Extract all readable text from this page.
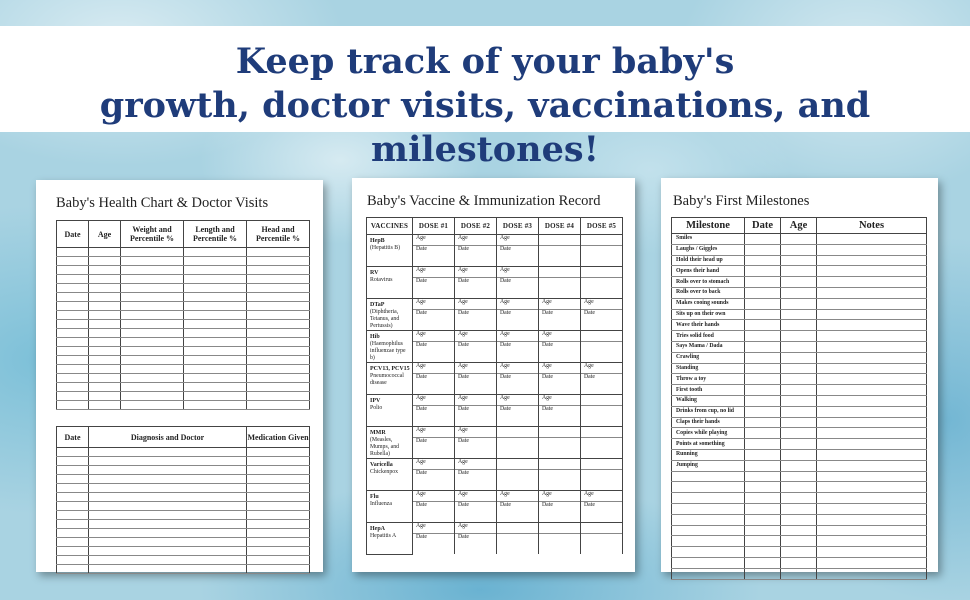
Keep track of your baby's
growth, doctor visits, vaccinations, and milestones!
Baby's Health Chart & Doctor Visits
Date	Age	Weight and Percentile %	Length and Percentile %	Head and Percentile %

Date	Diagnosis and Doctor	Medication Given

Baby's Vaccine & Immunization Record
VACCINES	DOSE #1	DOSE #2	DOSE #3	DOSE #4	DOSE #5

HepB
(Hepatitis B)	Age	Age	Age		
	Date	Date	Date		

RV
Rotavirus	Age	Age	Age		
	Date	Date	Date		

DTaP
(Diphtheria, Tetanus, and Pertussis)	Age	Age	Age	Age	Age
	Date	Date	Date	Date	Date

Hib
(Haemophilus influenzae type b)	Age	Age	Age	Age	
	Date	Date	Date	Date	

PCV13, PCV15
Pneumococcal disease	Age	Age	Age	Age	Age
	Date	Date	Date	Date	Date

IPV
Polio	Age	Age	Age	Age	
	Date	Date	Date	Date	

MMR
(Measles, Mumps, and Rubella)	Age	Age			
	Date	Date			

Varicella
Chickenpox	Age	Age			
	Date	Date			

Flu
Influenza	Age	Age	Age	Age	Age
	Date	Date	Date	Date	Date

HepA
Hepatitis A	Age	Age			
	Date	Date			

Baby's First Milestones
Milestone	Date	Age	Notes
Smiles			
Laughs / Giggles			
Hold their head up			
Opens their hand			
Rolls over to stomach			
Rolls over to back			
Makes cooing sounds			
Sits up on their own			
Wave their hands			
Tries solid food			
Says Mama / Dada			
Crawling			
Standing			
Throw a toy			
First tooth			
Walking			
Drinks from cup, no lid			
Claps their hands			
Copies while playing			
Points at something			
Running			
Jumping			
